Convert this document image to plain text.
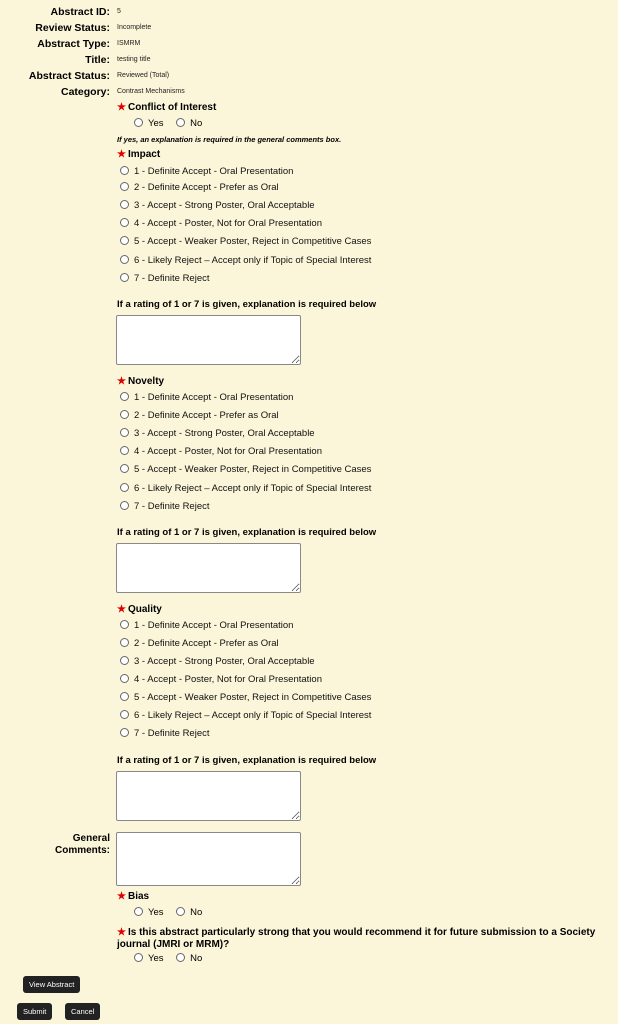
Abstract ID: 5
Review Status: Incomplete
Abstract Type: ISMRM
Title: testing title
Abstract Status: Reviewed (Total)
Category: Contrast Mechanisms
★ Conflict of Interest
Yes	No
If yes, an explanation is required in the general comments box.
★ Impact
1 - Definite Accept - Oral Presentation
2 - Definite Accept - Prefer as Oral
3 - Accept - Strong Poster, Oral Acceptable
4 - Accept - Poster, Not for Oral Presentation
5 - Accept - Weaker Poster, Reject in Competitive Cases
6 - Likely Reject – Accept only if Topic of Special Interest
7 - Definite Reject
If a rating of 1 or 7 is given, explanation is required below
★ Novelty
1 - Definite Accept - Oral Presentation
2 - Definite Accept - Prefer as Oral
3 - Accept - Strong Poster, Oral Acceptable
4 - Accept - Poster, Not for Oral Presentation
5 - Accept - Weaker Poster, Reject in Competitive Cases
6 - Likely Reject – Accept only if Topic of Special Interest
7 - Definite Reject
If a rating of 1 or 7 is given, explanation is required below
★ Quality
1 - Definite Accept - Oral Presentation
2 - Definite Accept - Prefer as Oral
3 - Accept - Strong Poster, Oral Acceptable
4 - Accept - Poster, Not for Oral Presentation
5 - Accept - Weaker Poster, Reject in Competitive Cases
6 - Likely Reject – Accept only if Topic of Special Interest
7 - Definite Reject
If a rating of 1 or 7 is given, explanation is required below
General
Comments:
★ Bias
Yes	No
★ Is this abstract particularly strong that you would recommend it for future submission to a Society journal (JMRI or MRM)?
Yes	No
View Abstract
Submit	Cancel
